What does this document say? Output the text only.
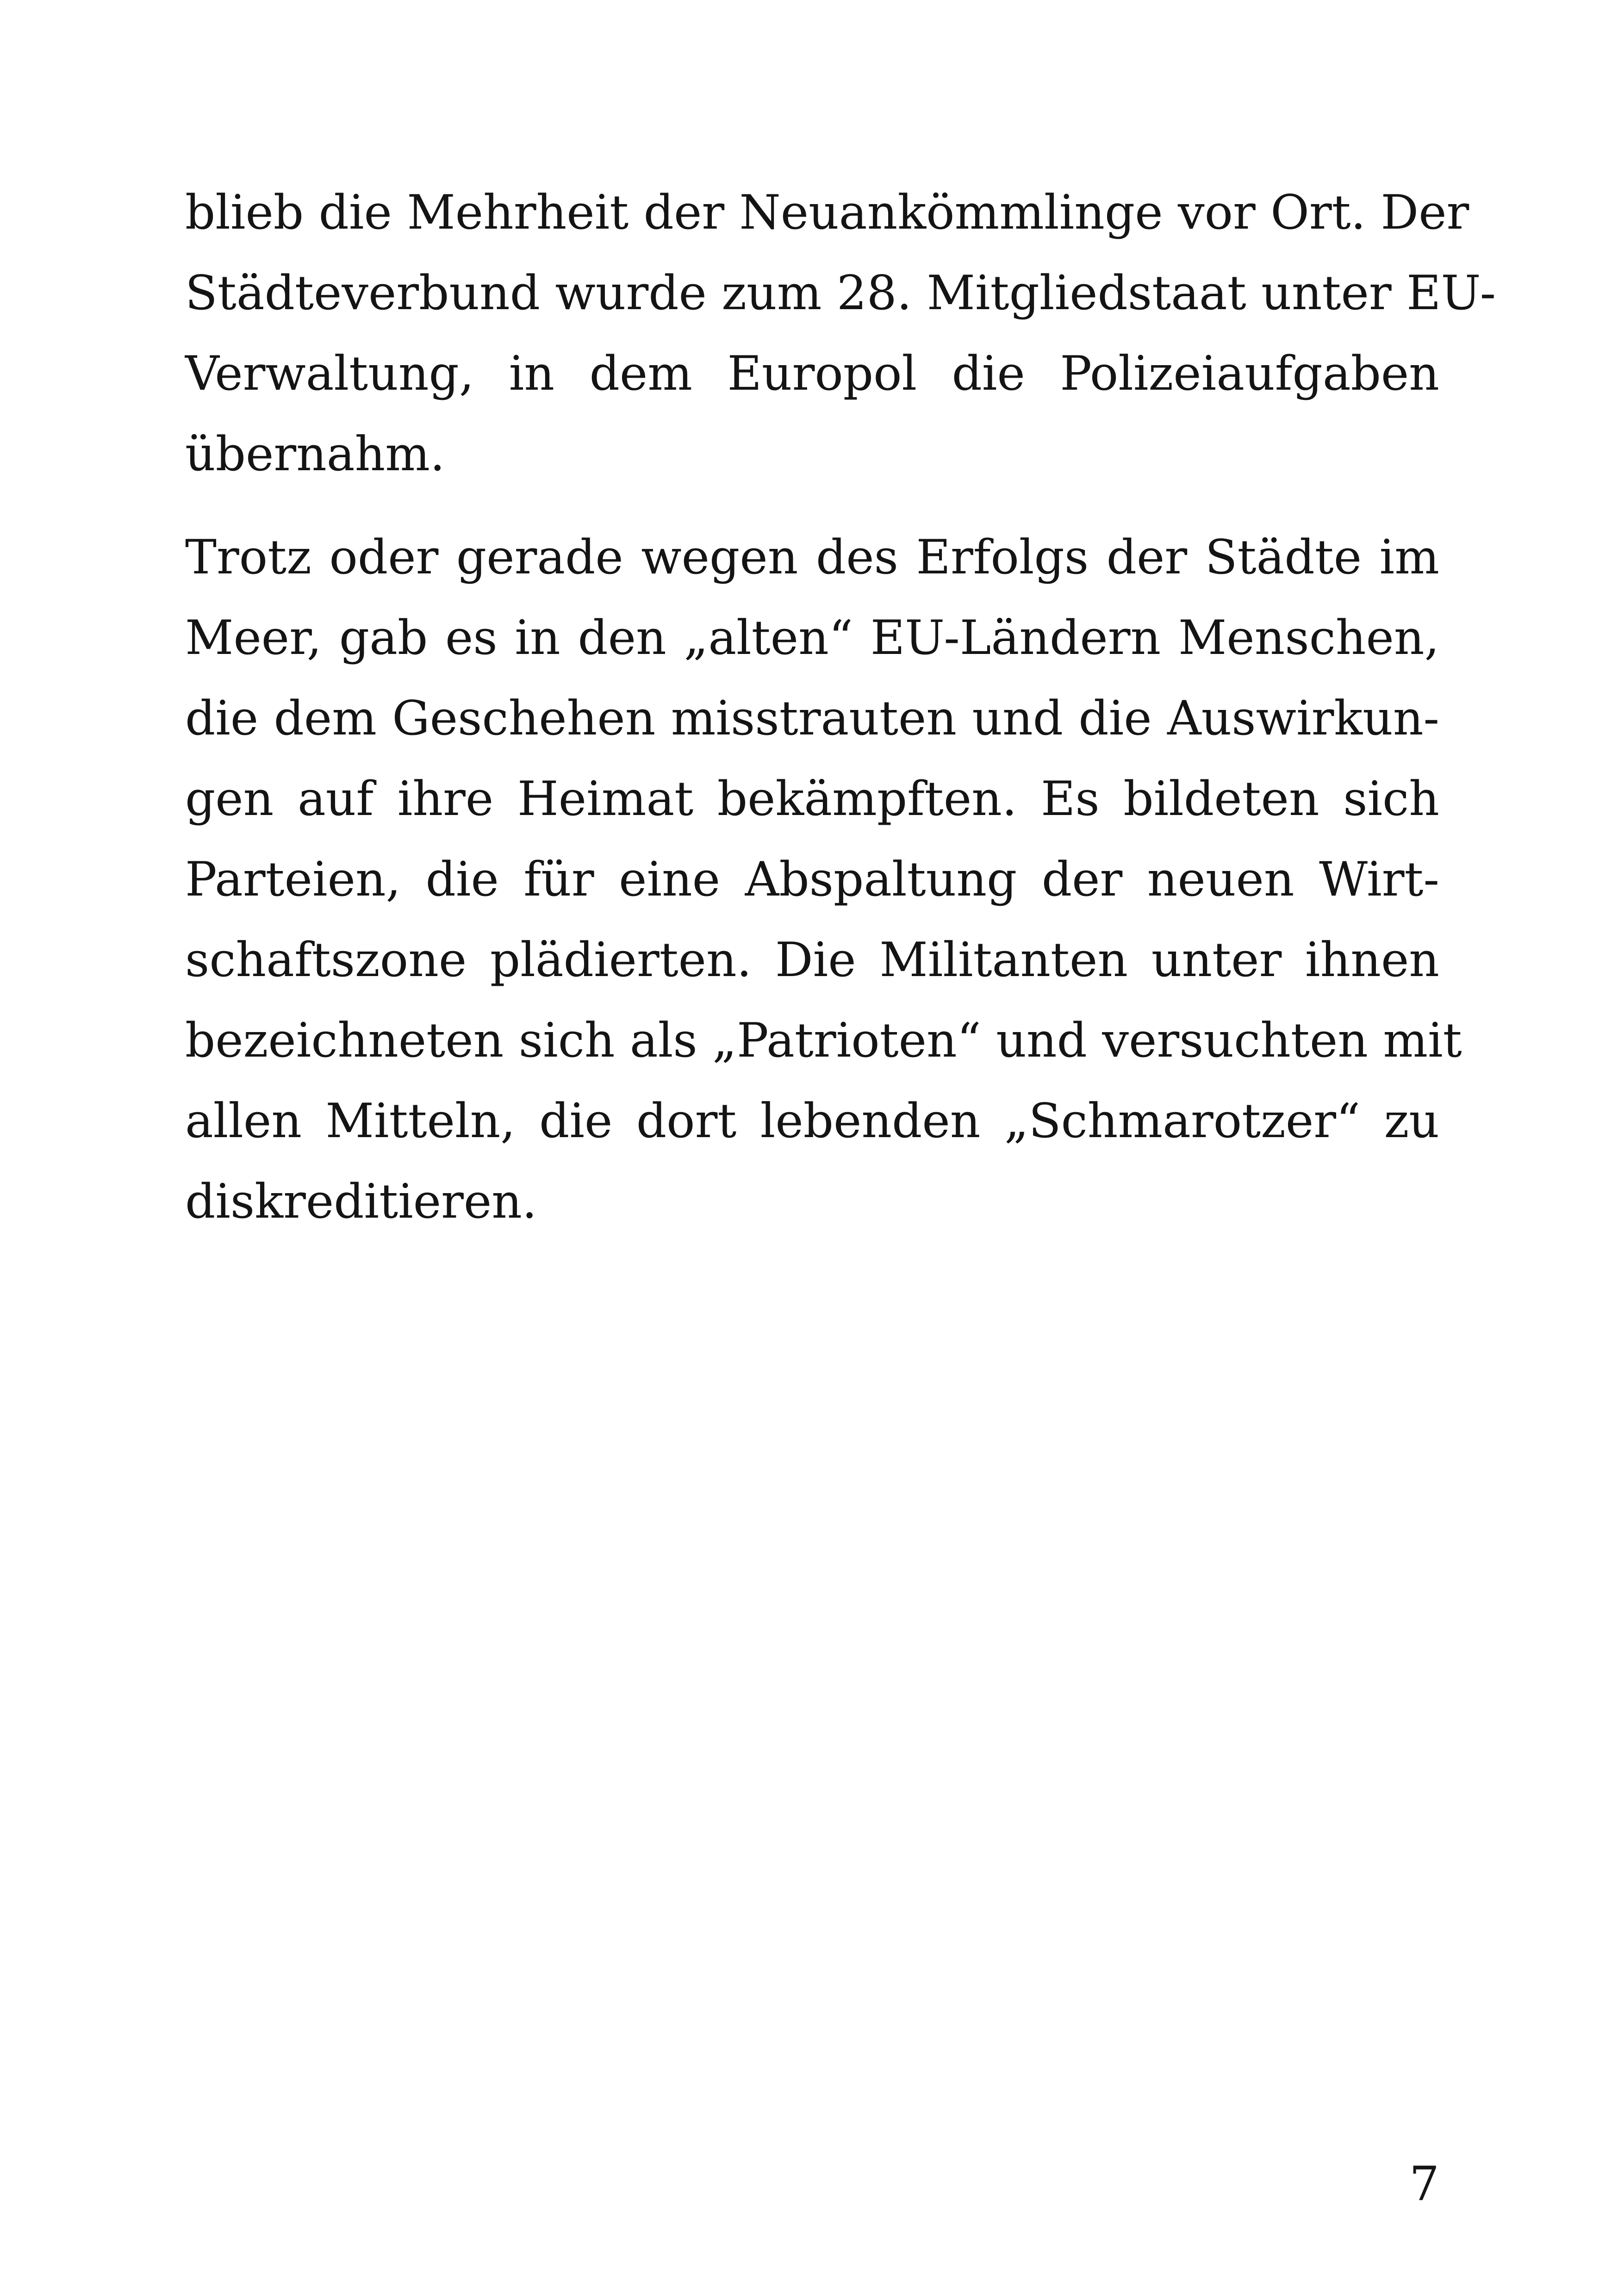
blieb die Mehrheit der Neuankömmlinge vor Ort. Der
Städteverbund wurde zum 28. Mitgliedstaat unter EU-
Verwaltung, in dem Europol die Polizeiaufgaben
übernahm.
Trotz oder gerade wegen des Erfolgs der Städte im
Meer, gab es in den „alten“ EU-Ländern Menschen,
die dem Geschehen misstrauten und die Auswirkun-
gen auf ihre Heimat bekämpften. Es bildeten sich
Parteien, die für eine Abspaltung der neuen Wirt-
schaftszone plädierten. Die Militanten unter ihnen
bezeichneten sich als „Patrioten“ und versuchten mit
allen Mitteln, die dort lebenden „Schmarotzer“ zu
diskreditieren.
7
